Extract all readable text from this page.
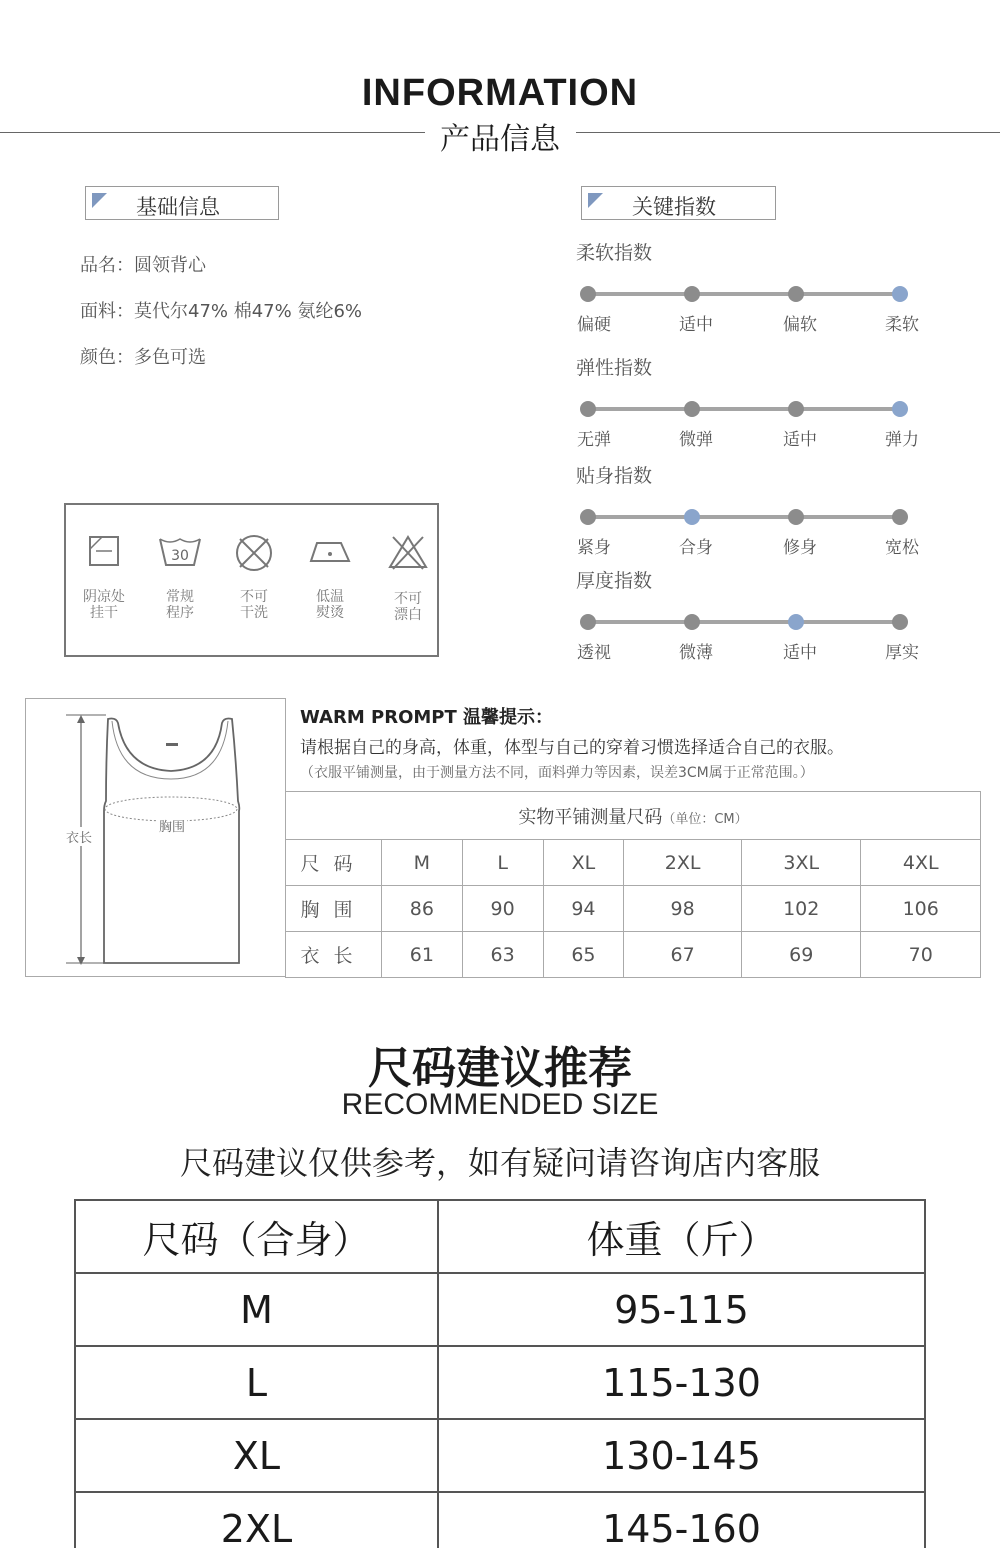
INFORMATION
产品信息
基础信息
品名：圆领背心
面料：莫代尔47% 棉47% 氨纶6%
颜色：多色可选
阴凉处
挂干
30
常规
程序
不可
干洗
低温
熨烫
不可
漂白
关键指数
柔软指数
偏硬	适中	偏软	柔软
弹性指数
无弹	微弹	适中	弹力
贴身指数
紧身	合身	修身	宽松
厚度指数
透视	微薄	适中	厚实
衣长
胸围
WARM PROMPT 温馨提示：
请根据自己的身高，体重，体型与自己的穿着习惯选择适合自己的衣服。
（衣服平铺测量，由于测量方法不同，面料弹力等因素，误差3CM属于正常范围。）
实物平铺测量尺码（单位：CM）						
尺码	M	L	XL	2XL	3XL	4XL
胸围	86	90	94	98	102	106
衣长	61	63	65	67	69	70
尺码建议推荐
RECOMMENDED SIZE
尺码建议仅供参考，如有疑问请咨询店内客服
尺码（合身）	体重（斤）
M	95-115
L	115-130
XL	130-145
2XL	145-160
